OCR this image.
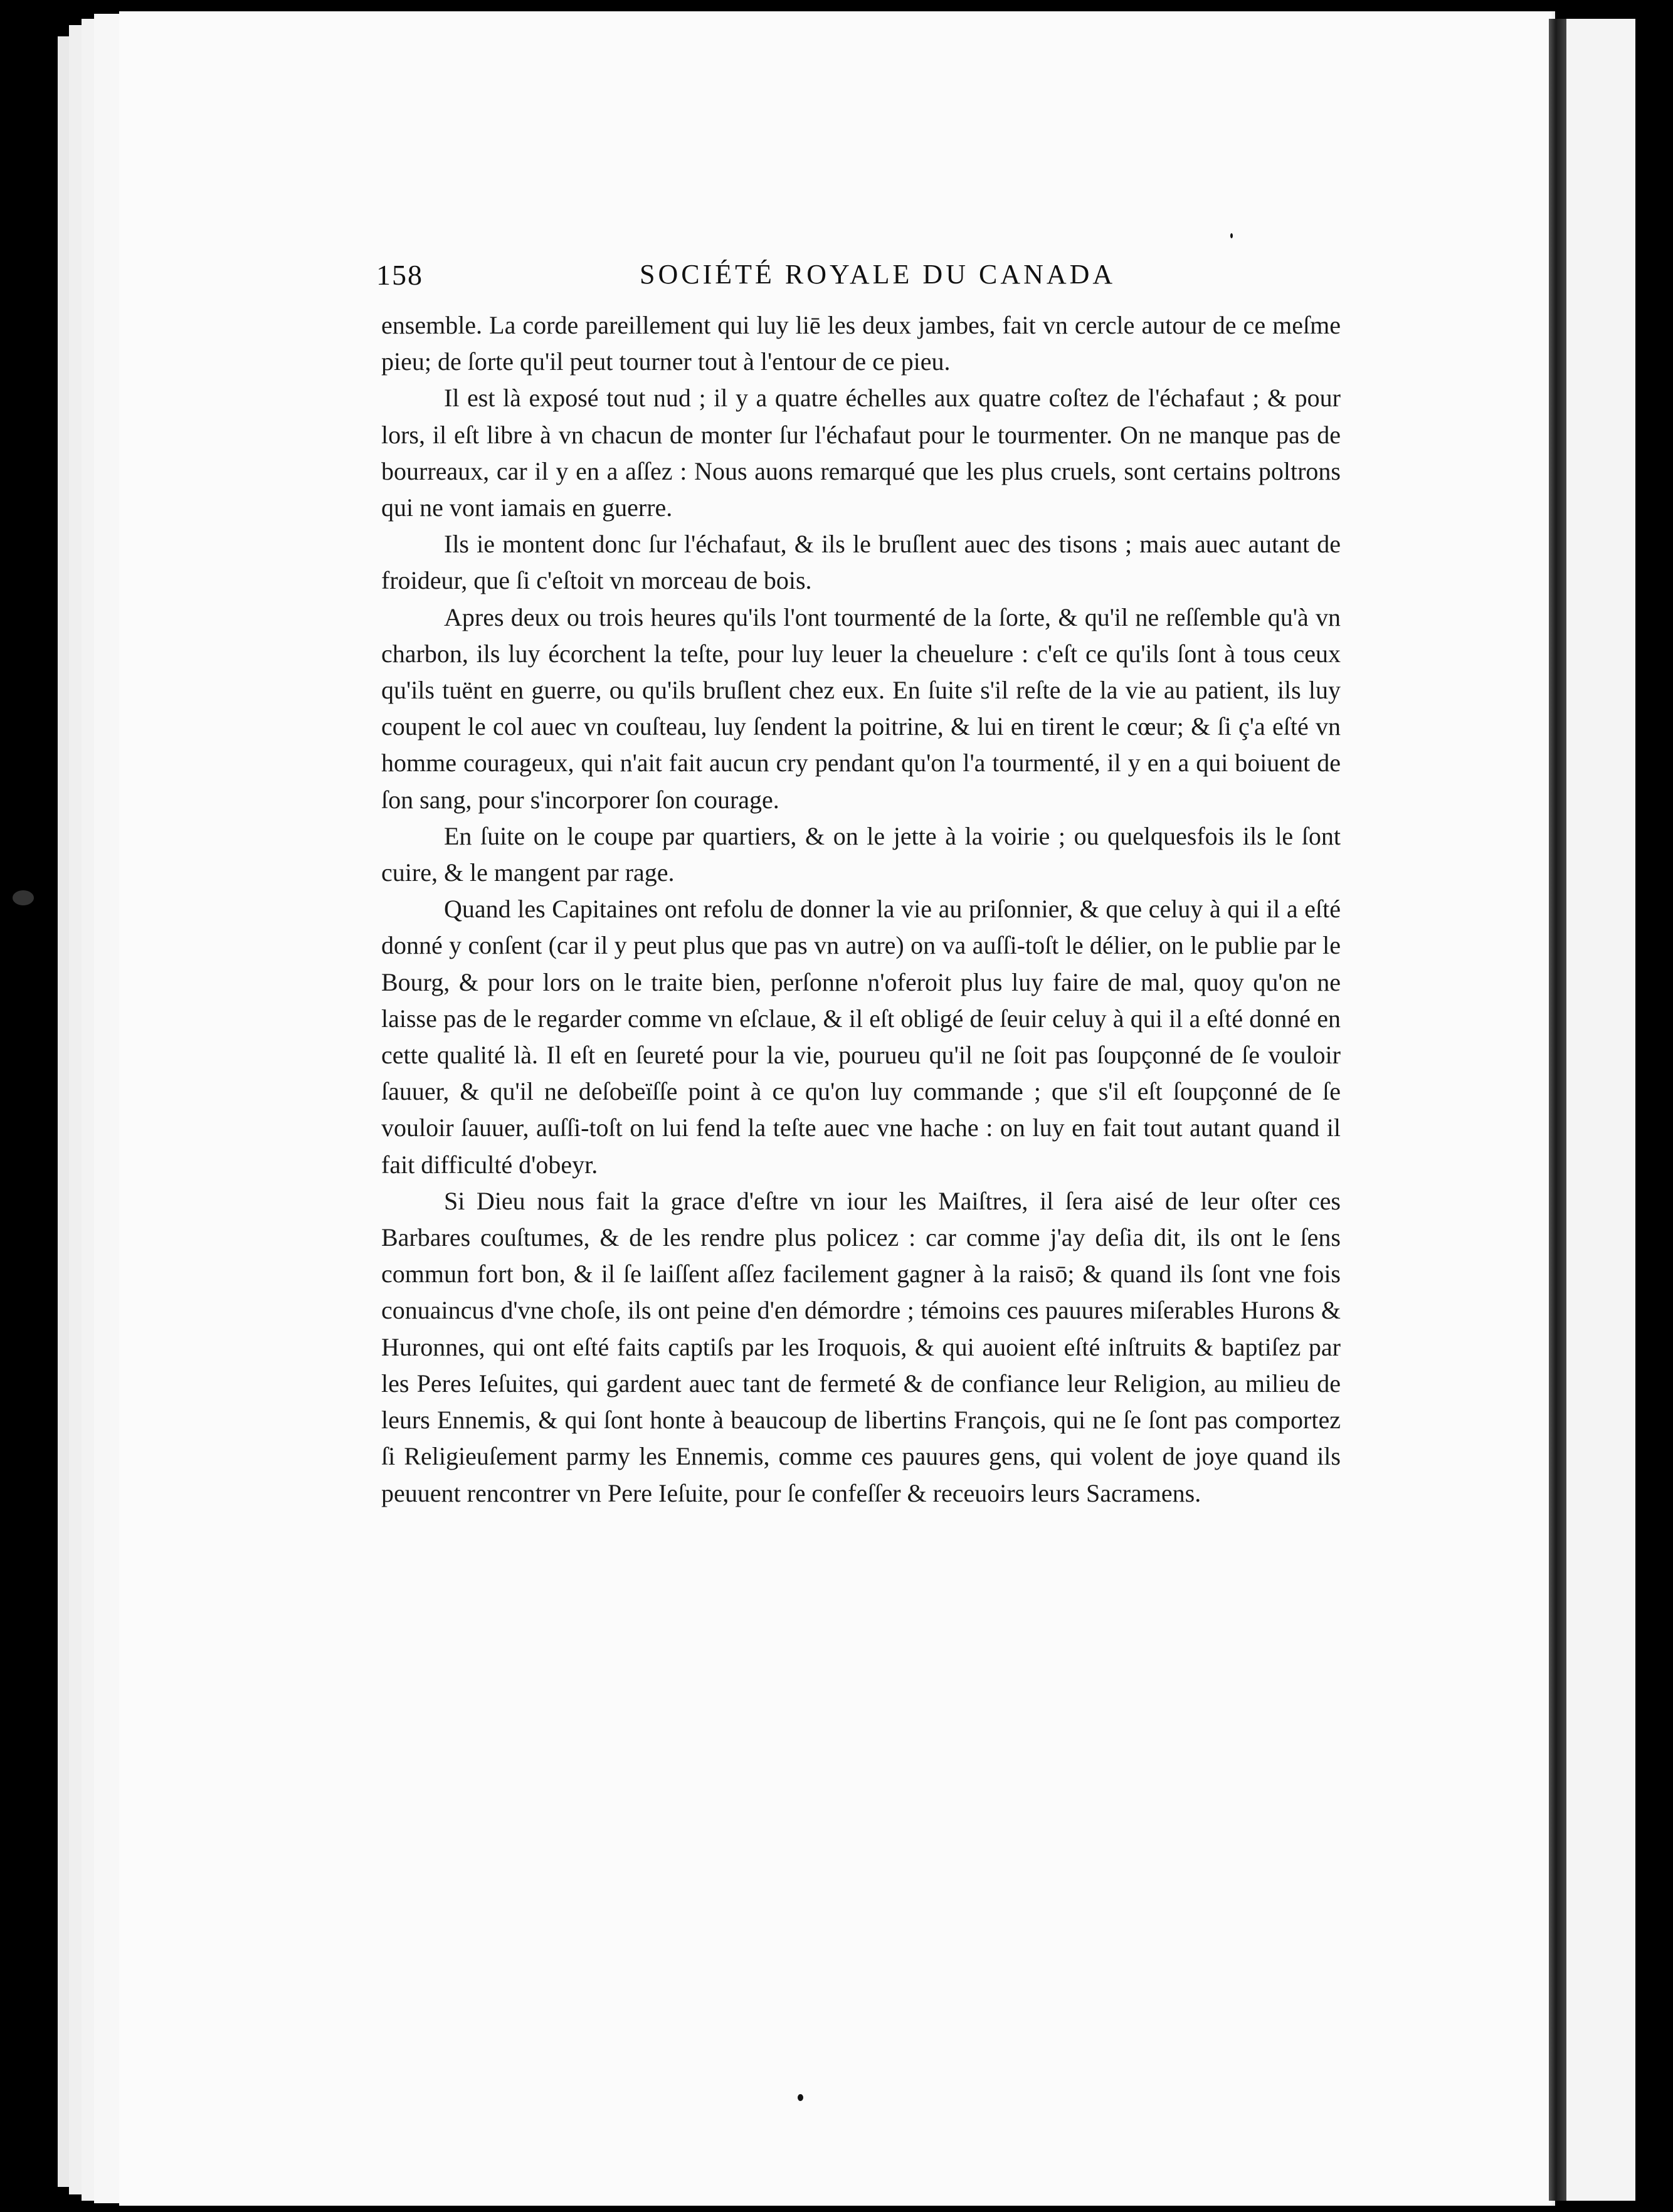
158	SOCIÉTÉ ROYALE DU CANADA

ensemble. La corde pareillement qui luy liē les deux jambes, fait vn cercle autour de ce meſme pieu; de ſorte qu'il peut tourner tout à l'entour de ce pieu.

Il est là exposé tout nud ; il y a quatre échelles aux quatre coſtez de l'échafaut ; & pour lors, il eſt libre à vn chacun de monter ſur l'échafaut pour le tourmenter. On ne manque pas de bourreaux, car il y en a aſſez : Nous auons remarqué que les plus cruels, sont certains poltrons qui ne vont iamais en guerre.

Ils ie montent donc ſur l'échafaut, & ils le bruſlent auec des tisons ; mais auec autant de froideur, que ſi c'eſtoit vn morceau de bois.

Apres deux ou trois heures qu'ils l'ont tourmenté de la ſorte, & qu'il ne reſſemble qu'à vn charbon, ils luy écorchent la teſte, pour luy leuer la cheuelure : c'eſt ce qu'ils ſont à tous ceux qu'ils tuënt en guerre, ou qu'ils bruſlent chez eux. En ſuite s'il reſte de la vie au patient, ils luy coupent le col auec vn couſteau, luy ſendent la poitrine, & lui en tirent le cœur; & ſi ç'a eſté vn homme courageux, qui n'ait fait aucun cry pendant qu'on l'a tourmenté, il y en a qui boiuent de ſon sang, pour s'incorporer ſon courage.

En ſuite on le coupe par quartiers, & on le jette à la voirie ; ou quelquesfois ils le ſont cuire, & le mangent par rage.

Quand les Capitaines ont refolu de donner la vie au priſonnier, & que celuy à qui il a eſté donné y conſent (car il y peut plus que pas vn autre) on va auſſi-toſt le délier, on le publie par le Bourg, & pour lors on le traite bien, perſonne n'oferoit plus luy faire de mal, quoy qu'on ne laisse pas de le regarder comme vn eſclaue, & il eſt obligé de ſeuir celuy à qui il a eſté donné en cette qualité là. Il eſt en ſeureté pour la vie, pourueu qu'il ne ſoit pas ſoupçonné de ſe vouloir ſauuer, & qu'il ne deſobeïſſe point à ce qu'on luy commande ; que s'il eſt ſoupçonné de ſe vouloir ſauuer, auſſi-toſt on lui fend la teſte auec vne hache : on luy en fait tout autant quand il fait difficulté d'obeyr.

Si Dieu nous fait la grace d'eſtre vn iour les Maiſtres, il ſera aisé de leur oſter ces Barbares couſtumes, & de les rendre plus policez : car comme j'ay deſia dit, ils ont le ſens commun fort bon, & il ſe laiſſent aſſez facilement gagner à la raisō; & quand ils ſont vne fois conuaincus d'vne choſe, ils ont peine d'en démordre ; témoins ces pauures miſerables Hurons & Huronnes, qui ont eſté faits captiſs par les Iroquois, & qui auoient eſté inſtruits & baptiſez par les Peres Ieſuites, qui gardent auec tant de fermeté & de confiance leur Religion, au milieu de leurs Ennemis, & qui ſont honte à beaucoup de libertins François, qui ne ſe ſont pas comportez ſi Religieuſement parmy les Ennemis, comme ces pauures gens, qui volent de joye quand ils peuuent rencontrer vn Pere Ieſuite, pour ſe confeſſer & receuoirs leurs Sacramens.
